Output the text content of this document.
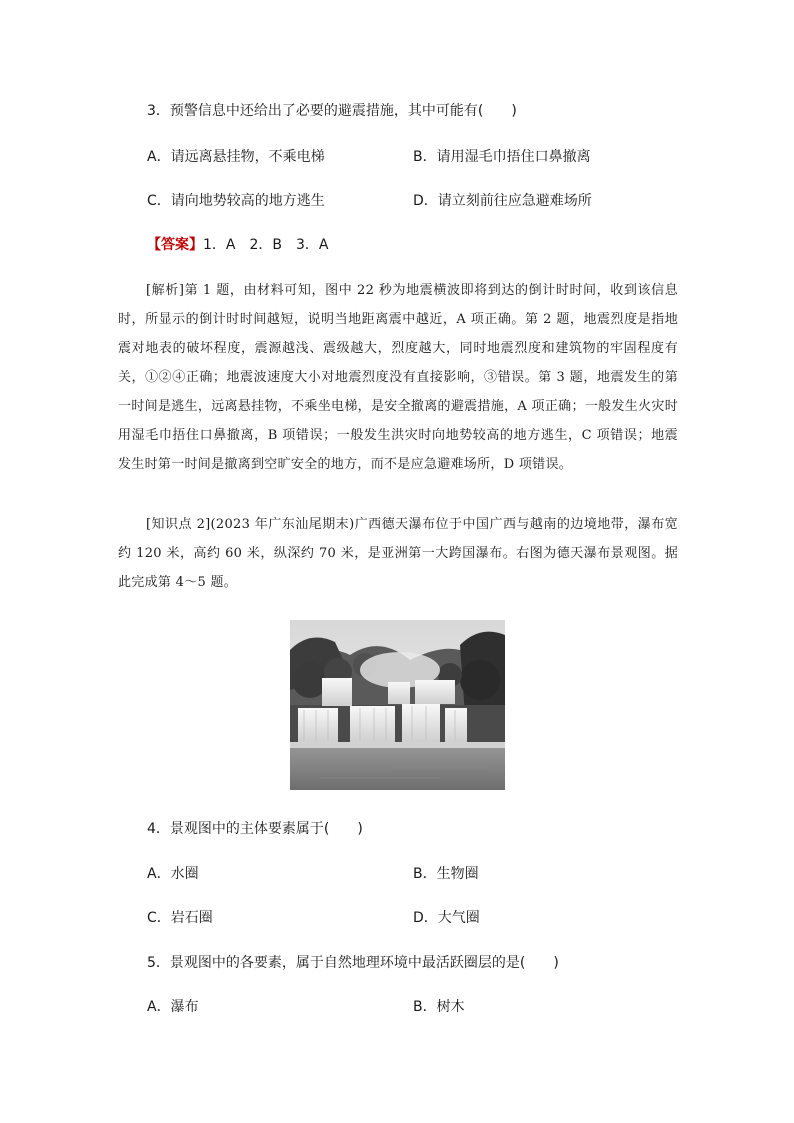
3．预警信息中还给出了必要的避震措施，其中可能有(　　)
A．请远离悬挂物，不乘电梯	B．请用湿毛巾捂住口鼻撤离
C．请向地势较高的地方逃生	D．请立刻前往应急避难场所
【答案】1．A　2．B　3．A
[解析]第 1 题，由材料可知，图中 22 秒为地震横波即将到达的倒计时时间，收到该信息时，所显示的倒计时时间越短，说明当地距离震中越近，A 项正确。第 2 题，地震烈度是指地震对地表的破坏程度，震源越浅、震级越大，烈度越大，同时地震烈度和建筑物的牢固程度有关，①②④正确；地震波速度大小对地震烈度没有直接影响，③错误。第 3 题，地震发生的第一时间是逃生，远离悬挂物，不乘坐电梯，是安全撤离的避震措施，A 项正确；一般发生火灾时用湿毛巾捂住口鼻撤离，B 项错误；一般发生洪灾时向地势较高的地方逃生，C 项错误；地震发生时第一时间是撤离到空旷安全的地方，而不是应急避难场所，D 项错误。
[知识点 2](2023 年广东汕尾期末)广西德天瀑布位于中国广西与越南的边境地带，瀑布宽约 120 米，高约 60 米，纵深约 70 米，是亚洲第一大跨国瀑布。右图为德天瀑布景观图。据此完成第 4～5 题。
4．景观图中的主体要素属于(　　)
A．水圈	B．生物圈
C．岩石圈	D．大气圈
5．景观图中的各要素，属于自然地理环境中最活跃圈层的是(　　)
A．瀑布	B．树木
